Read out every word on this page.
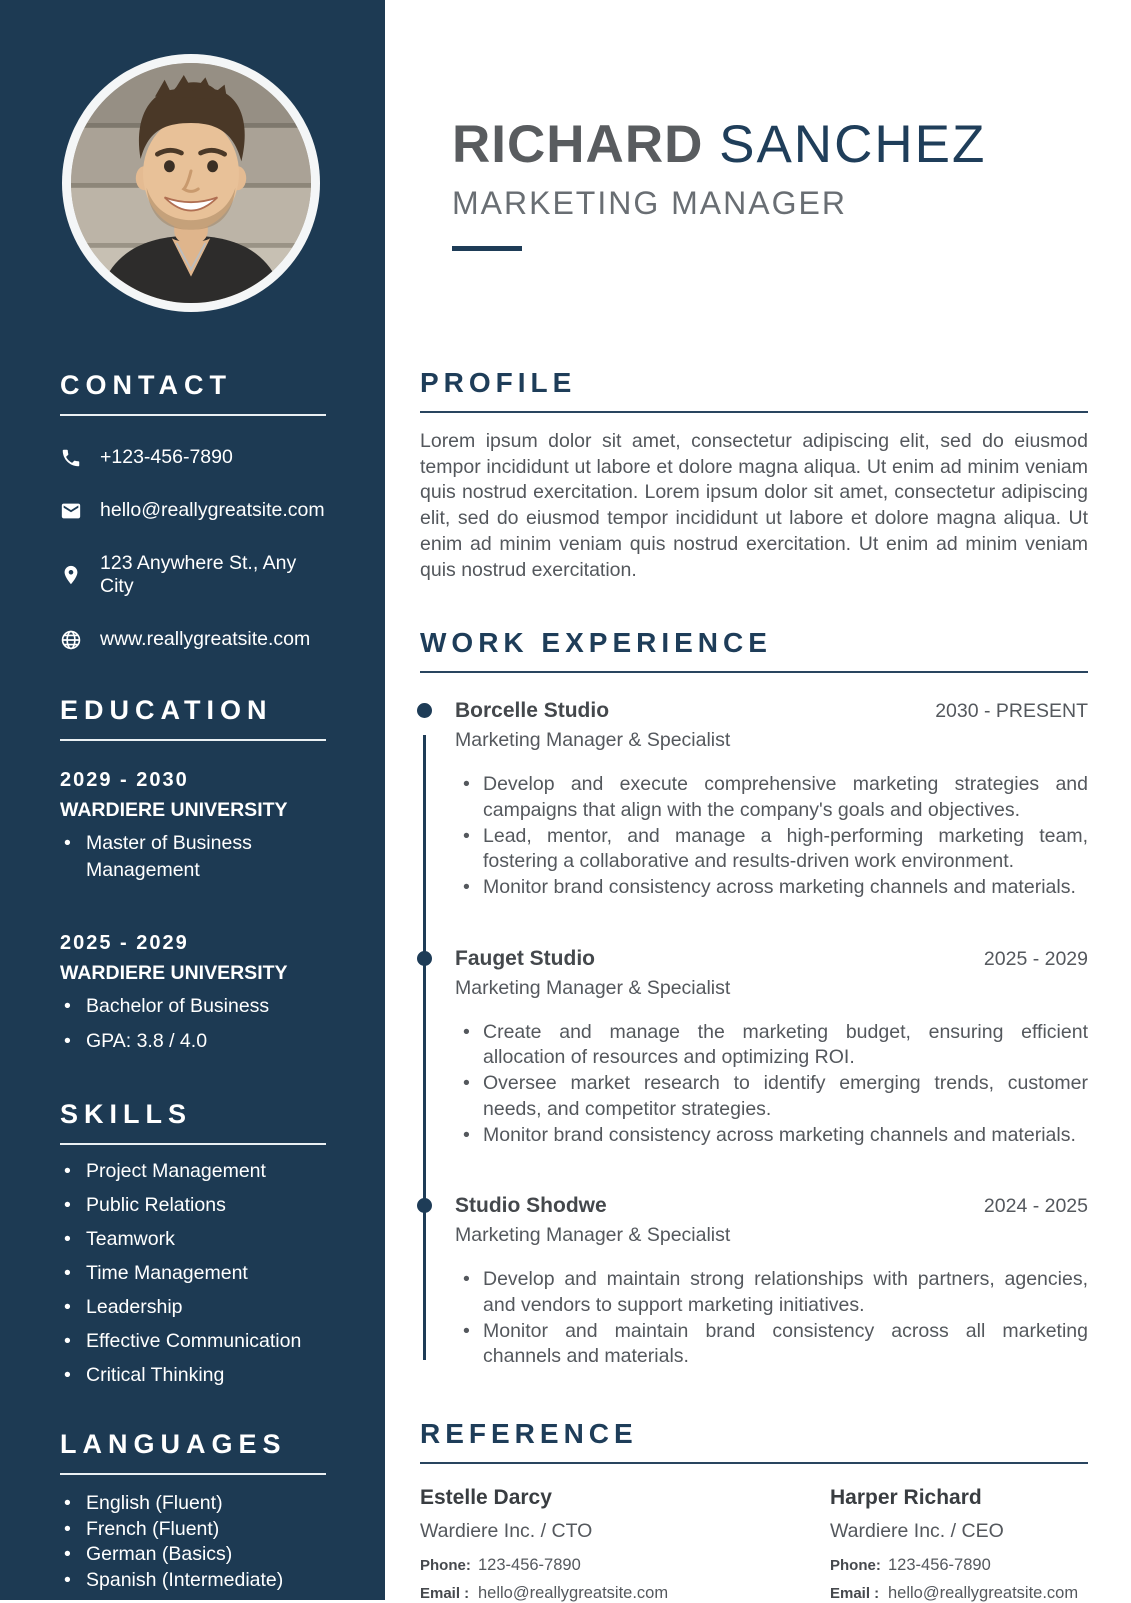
CONTACT
+123-456-7890
hello@reallygreatsite.com
123 Anywhere St., Any City
www.reallygreatsite.com
EDUCATION
2029 - 2030
WARDIERE UNIVERSITY
• Master of Business Management
2025 - 2029
WARDIERE UNIVERSITY
• Bachelor of Business
• GPA: 3.8 / 4.0
SKILLS
• Project Management
• Public Relations
• Teamwork
• Time Management
• Leadership
• Effective Communication
• Critical Thinking
LANGUAGES
• English (Fluent)
• French (Fluent)
• German (Basics)
• Spanish (Intermediate)
RICHARD SANCHEZ
MARKETING MANAGER
PROFILE

Lorem ipsum dolor sit amet, consectetur adipiscing elit, sed do eiusmod tempor incididunt ut labore et dolore magna aliqua. Ut enim ad minim veniam quis nostrud exercitation. Lorem ipsum dolor sit amet, consectetur adipiscing elit, sed do eiusmod tempor incididunt ut labore et dolore magna aliqua. Ut enim ad minim veniam quis nostrud exercitation. Ut enim ad minim veniam quis nostrud exercitation.

WORK EXPERIENCE
Borcelle Studio	2030 - PRESENT
Marketing Manager & Specialist
• Develop and execute comprehensive marketing strategies and campaigns that align with the company's goals and objectives.
• Lead, mentor, and manage a high-performing marketing team, fostering a collaborative and results-driven work environment.
• Monitor brand consistency across marketing channels and materials.
Fauget Studio	2025 - 2029
Marketing Manager & Specialist
• Create and manage the marketing budget, ensuring efficient allocation of resources and optimizing ROI.
• Oversee market research to identify emerging trends, customer needs, and competitor strategies.
• Monitor brand consistency across marketing channels and materials.
Studio Shodwe	2024 - 2025
Marketing Manager & Specialist
• Develop and maintain strong relationships with partners, agencies, and vendors to support marketing initiatives.
• Monitor and maintain brand consistency across all marketing channels and materials.
REFERENCE
Estelle Darcy
Wardiere Inc. / CTO
Phone: 123-456-7890
Email : hello@reallygreatsite.com
Harper Richard
Wardiere Inc. / CEO
Phone: 123-456-7890
Email : hello@reallygreatsite.com
